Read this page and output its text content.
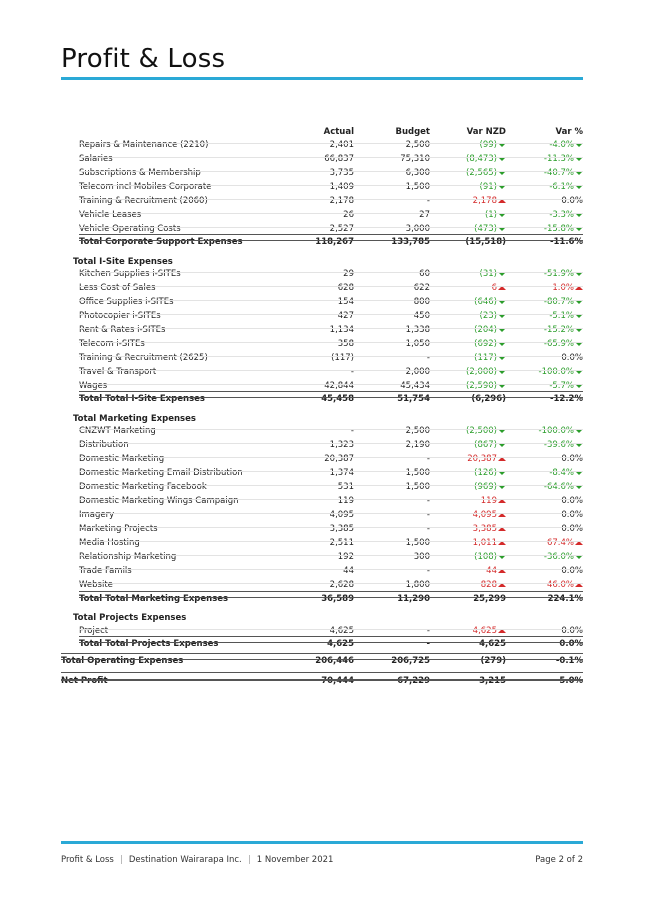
Profit & Loss
Actual	Budget	Var NZD	Var %
Repairs & Maintenance (2210)	2,401	2,500	(99)	-4.0%
Salaries	66,837	75,310	(8,473)	-11.3%
Subscriptions & Membership	3,735	6,300	(2,565)	-40.7%
Telecom incl Mobiles Corporate	1,409	1,500	(91)	-6.1%
Training & Recruitment (2060)	2,178	-	2,178	0.0%
Vehicle Leases	26	27	(1)	-3.3%
Vehicle Operating Costs	2,527	3,000	(473)	-15.8%
Total Corporate Support Expenses	118,267	133,785	(15,518)	-11.6%
Total I-Site Expenses
Kitchen Supplies i-SITEs	29	60	(31)	-51.9%
Less Cost of Sales	628	622	6	1.0%
Office Supplies i-SITEs	154	800	(646)	-80.7%
Photocopier i-SITEs	427	450	(23)	-5.1%
Rent & Rates i-SITEs	1,134	1,338	(204)	-15.2%
Telecom i-SITEs	358	1,050	(692)	-65.9%
Training & Recruitment (2625)	(117)	-	(117)	0.0%
Travel & Transport	-	2,000	(2,000)	-100.0%
Wages	42,844	45,434	(2,590)	-5.7%
Total Total I-Site Expenses	45,458	51,754	(6,296)	-12.2%
Total Marketing Expenses
CNZWT Marketing	-	2,500	(2,500)	-100.0%
Distribution	1,323	2,190	(867)	-39.6%
Domestic Marketing	20,387	-	20,387	0.0%
Domestic Marketing Email Distribution	1,374	1,500	(126)	-8.4%
Domestic Marketing Facebook	531	1,500	(969)	-64.6%
Domestic Marketing Wings Campaign	119	-	119	0.0%
Imagery	4,095	-	4,095	0.0%
Marketing Projects	3,385	-	3,385	0.0%
Media Hosting	2,511	1,500	1,011	67.4%
Relationship Marketing	192	300	(108)	-36.0%
Trade Famils	44	-	44	0.0%
Website	2,628	1,800	828	46.0%
Total Total Marketing Expenses	36,589	11,290	25,299	224.1%
Total Projects Expenses
Project	4,625	-	4,625	0.0%
Total Total Projects Expenses	4,625	-	4,625	0.0%
Total Operating Expenses	206,446	206,725	(279)	-0.1%
Net Profit	70,444	67,229	3,215	5.0%
Profit & Loss Destination Wairarapa Inc. 1 November 2021	Page 2 of 2
